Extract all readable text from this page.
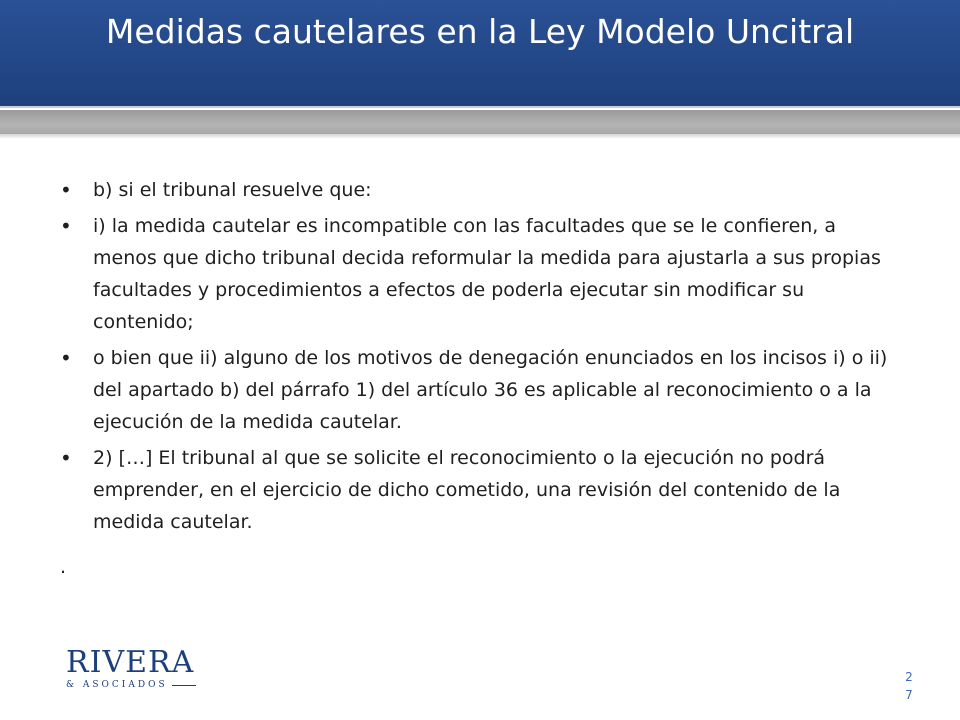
Medidas cautelares en la Ley Modelo Uncitral
• b) si el tribunal resuelve que:
• i) la medida cautelar es incompatible con las facultades que se le confieren, a menos que dicho tribunal decida reformular la medida para ajustarla a sus propias facultades y procedimientos a efectos de poderla ejecutar sin modificar su contenido;
• o bien que ii) alguno de los motivos de denegación enunciados en los incisos i) o ii) del apartado b) del párrafo 1) del artículo 36 es aplicable al reconocimiento o a la ejecución de la medida cautelar.
• 2) […] El tribunal al que se solicite el reconocimiento o la ejecución no podrá emprender, en el ejercicio de dicho cometido, una revisión del contenido de la medida cautelar.
.
RIVERA
& ASOCIADOS
2
7
